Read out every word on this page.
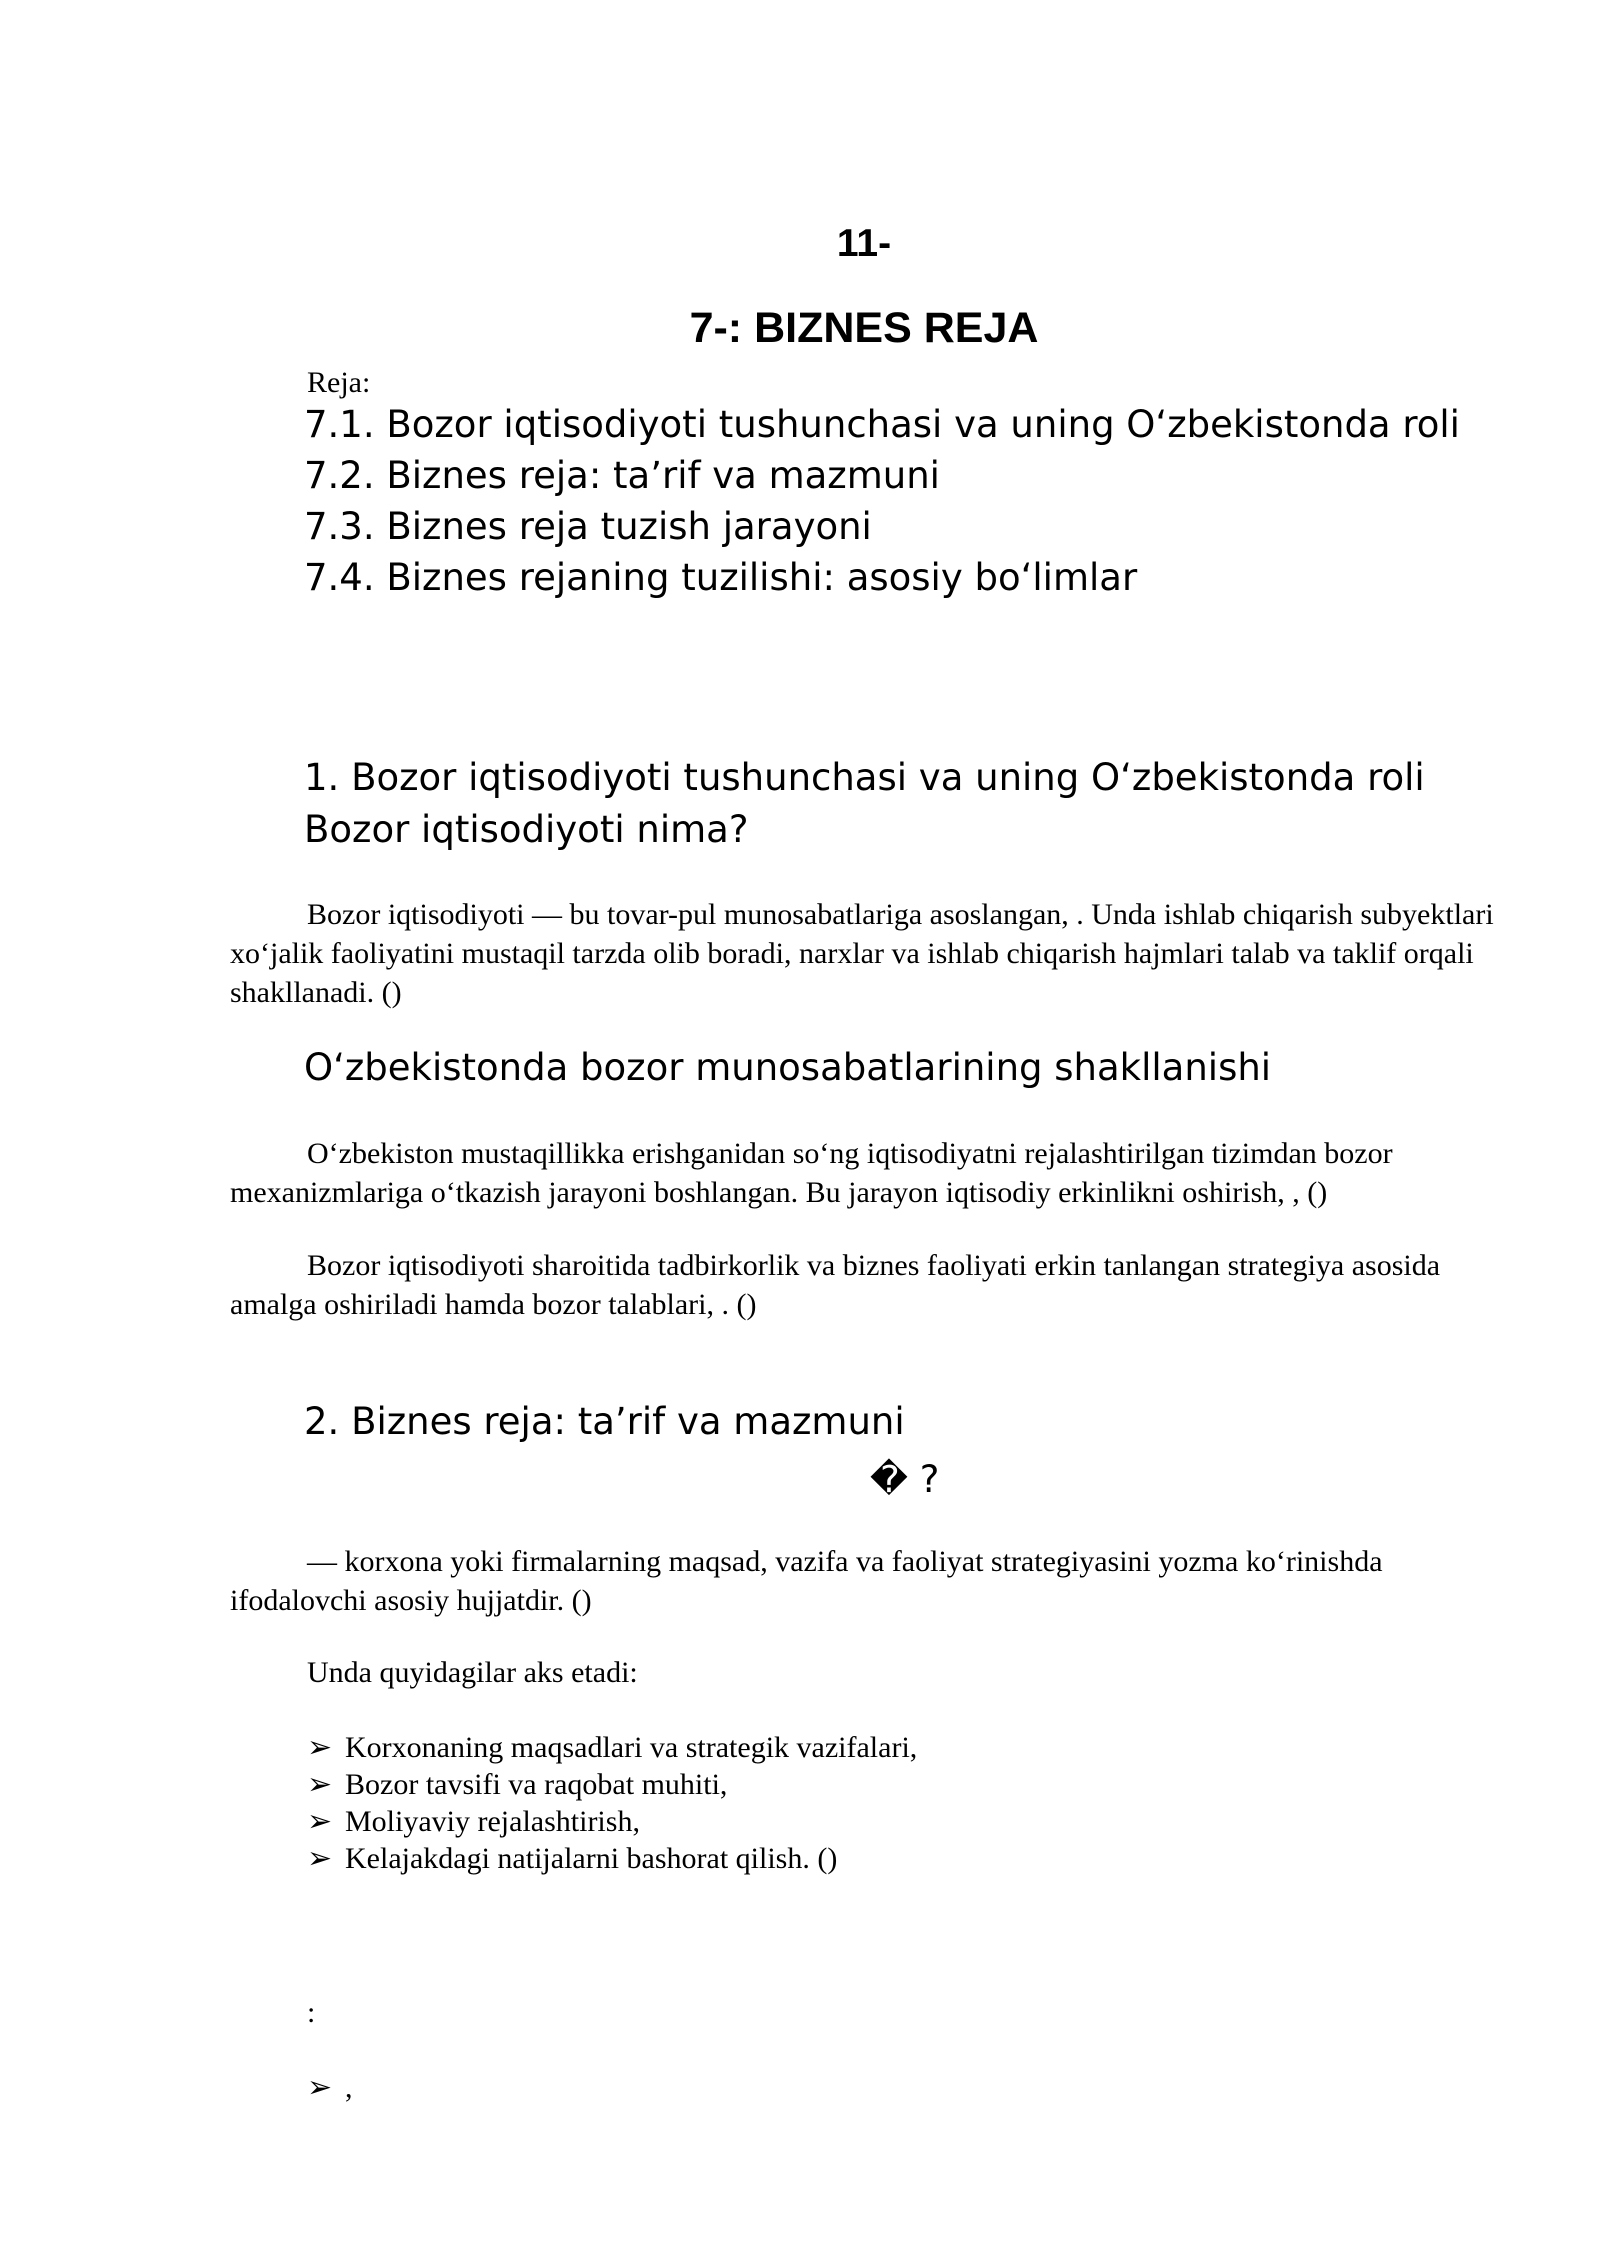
11-
7-: BIZNES REJA
Reja:
7.1. Bozor iqtisodiyoti tushunchasi va uning O‘zbekistonda roli
7.2. Biznes reja: ta’rif va mazmuni
7.3. Biznes reja tuzish jarayoni
7.4. Biznes rejaning tuzilishi: asosiy bo‘limlar
1. Bozor iqtisodiyoti tushunchasi va uning O‘zbekistonda roli
Bozor iqtisodiyoti nima?

Bozor iqtisodiyoti — bu tovar-pul munosabatlariga asoslangan, . Unda ishlab chiqarish subyektlari xo‘jalik faoliyatini mustaqil tarzda olib boradi, narxlar va ishlab chiqarish hajmlari talab va taklif orqali shakllanadi. ()

O‘zbekistonda bozor munosabatlarining shakllanishi

O‘zbekiston mustaqillikka erishganidan so‘ng iqtisodiyatni rejalashtirilgan tizimdan bozor mexanizmlariga o‘tkazish jarayoni boshlangan. Bu jarayon iqtisodiy erkinlikni oshirish, , ()

Bozor iqtisodiyoti sharoitida tadbirkorlik va biznes faoliyati erkin tanlangan strategiya asosida amalga oshiriladi hamda bozor talablari, . ()

2. Biznes reja: ta’rif va mazmuni
� ?

— korxona yoki firmalarning maqsad, vazifa va faoliyat strategiyasini yozma ko‘rinishda ifodalovchi asosiy hujjatdir. ()

Unda quyidagilar aks etadi:
➢ Korxonaning maqsadlari va strategik vazifalari,
➢ Bozor tavsifi va raqobat muhiti,
➢ Moliyaviy rejalashtirish,
➢ Kelajakdagi natijalarni bashorat qilish. ()
:
➢ ,
